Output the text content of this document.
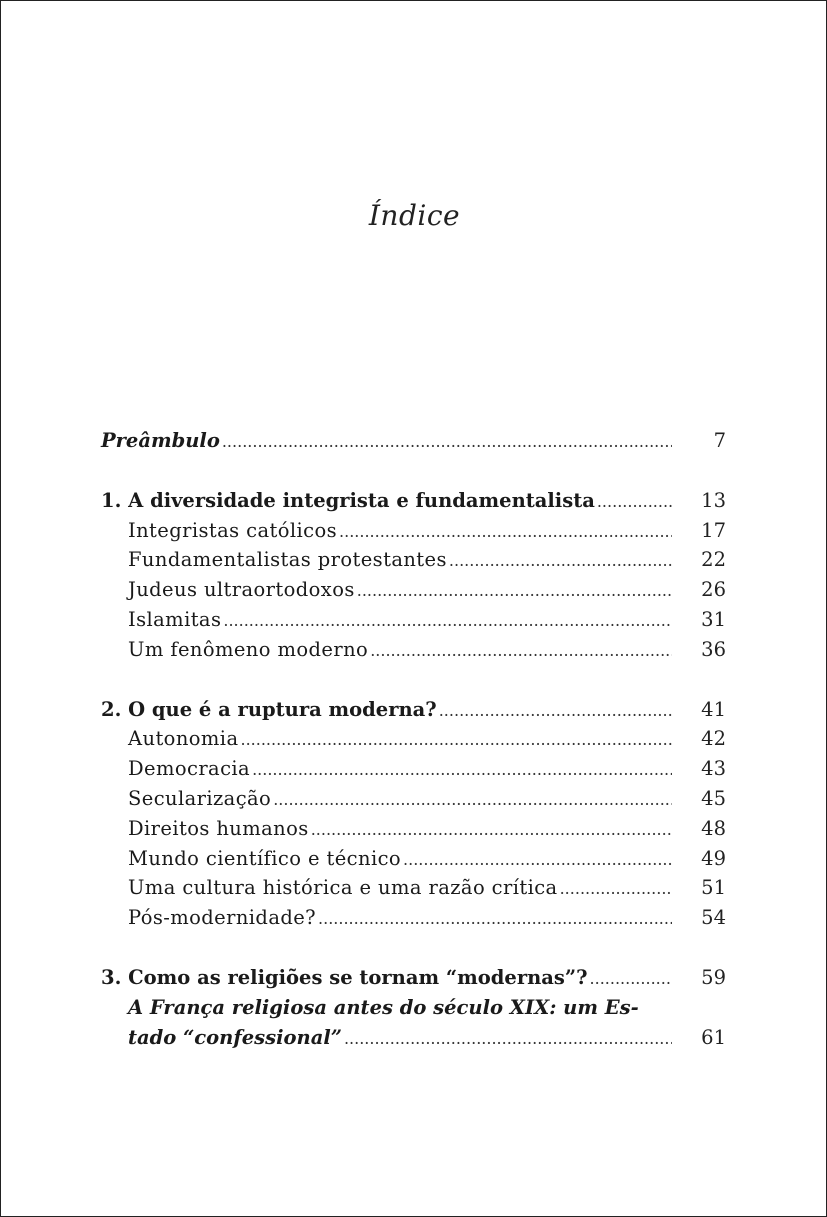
Índice
Preâmbulo .....	7
1. A diversidade integrista e fundamentalista .....	13
Integristas católicos .....	17
Fundamentalistas protestantes .....	22
Judeus ultraortodoxos .....	26
Islamitas .....	31
Um fenômeno moderno .....	36
2. O que é a ruptura moderna? .....	41
Autonomia .....	42
Democracia .....	43
Secularização .....	45
Direitos humanos .....	48
Mundo científico e técnico .....	49
Uma cultura histórica e uma razão crítica .....	51
Pós-modernidade? .....	54
3. Como as religiões se tornam “modernas”? .....	59
A França religiosa antes do século XIX: um Es-
tado “confessional” .....	61
